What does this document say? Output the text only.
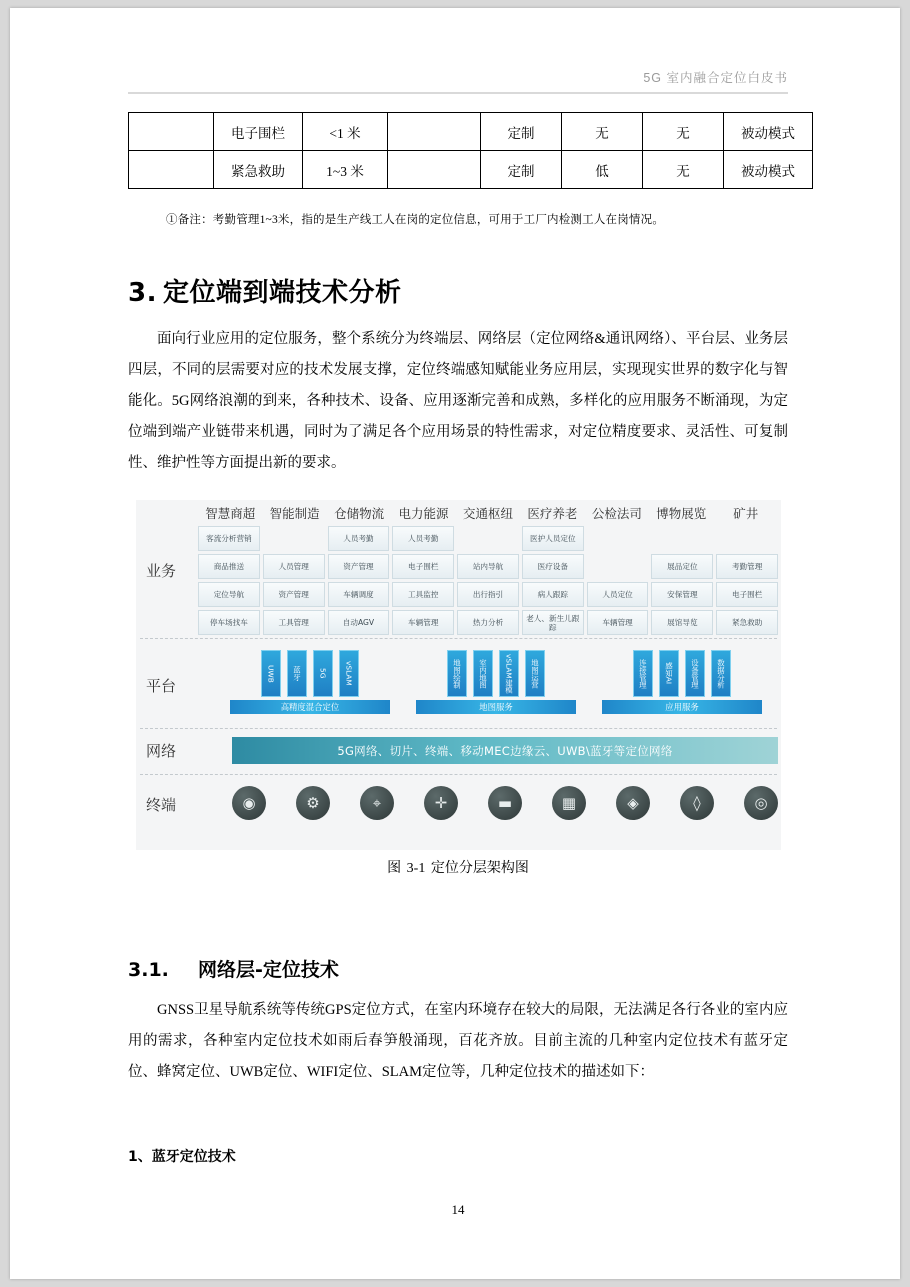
5G 室内融合定位白皮书
	电子围栏	<1 米		定制	无	无	被动模式
	紧急救助	1~3 米		定制	低	无	被动模式
①备注：考勤管理1~3米，指的是生产线工人在岗的定位信息，可用于工厂内检测工人在岗情况。
3. 定位端到端技术分析
面向行业应用的定位服务，整个系统分为终端层、网络层（定位网络&通讯网络）、平台层、业务层四层，不同的层需要对应的技术发展支撑，定位终端感知赋能业务应用层，实现现实世界的数字化与智能化。5G网络浪潮的到来，各种技术、设备、应用逐渐完善和成熟，多样化的应用服务不断涌现，为定位端到端产业链带来机遇，同时为了满足各个应用场景的特性需求，对定位精度要求、灵活性、可复制性、维护性等方面提出新的要求。
业务
平台
网络
终端
智慧商超	智能制造	仓储物流	电力能源	交通枢纽	医疗养老	公检法司	博物展览	矿井
客流分析营销
商品推送
定位导航
停车场找车
人员管理
资产管理
工具管理
人员考勤
资产管理
车辆调度
自动AGV
人员考勤
电子围栏
工具监控
车辆管理
站内导航
出行指引
热力分析
医护人员定位
医疗设备
病人跟踪
老人、新生儿跟踪
人员定位
车辆管理
展品定位
安保管理
展馆导览
考勤管理
电子围栏
紧急救助
UWB	蓝牙	5G	vSLAM
高精度混合定位
地图绘制	室内地图	vSLAM建模	地图运营
地图服务
连接管理	感知AI	设备管理	数据分析
应用服务
5G网络、切片、终端、移动MEC边缘云、UWB\蓝牙等定位网络
◉	⚙	⌖	✛	▬	▦	◈	◊	◎
图 3-1 定位分层架构图
3.1. 网络层-定位技术
GNSS卫星导航系统等传统GPS定位方式，在室内环境存在较大的局限，无法满足各行各业的室内应用的需求，各种室内定位技术如雨后春笋般涌现，百花齐放。目前主流的几种室内定位技术有蓝牙定位、蜂窝定位、UWB定位、WIFI定位、SLAM定位等，几种定位技术的描述如下：
1、蓝牙定位技术
14
